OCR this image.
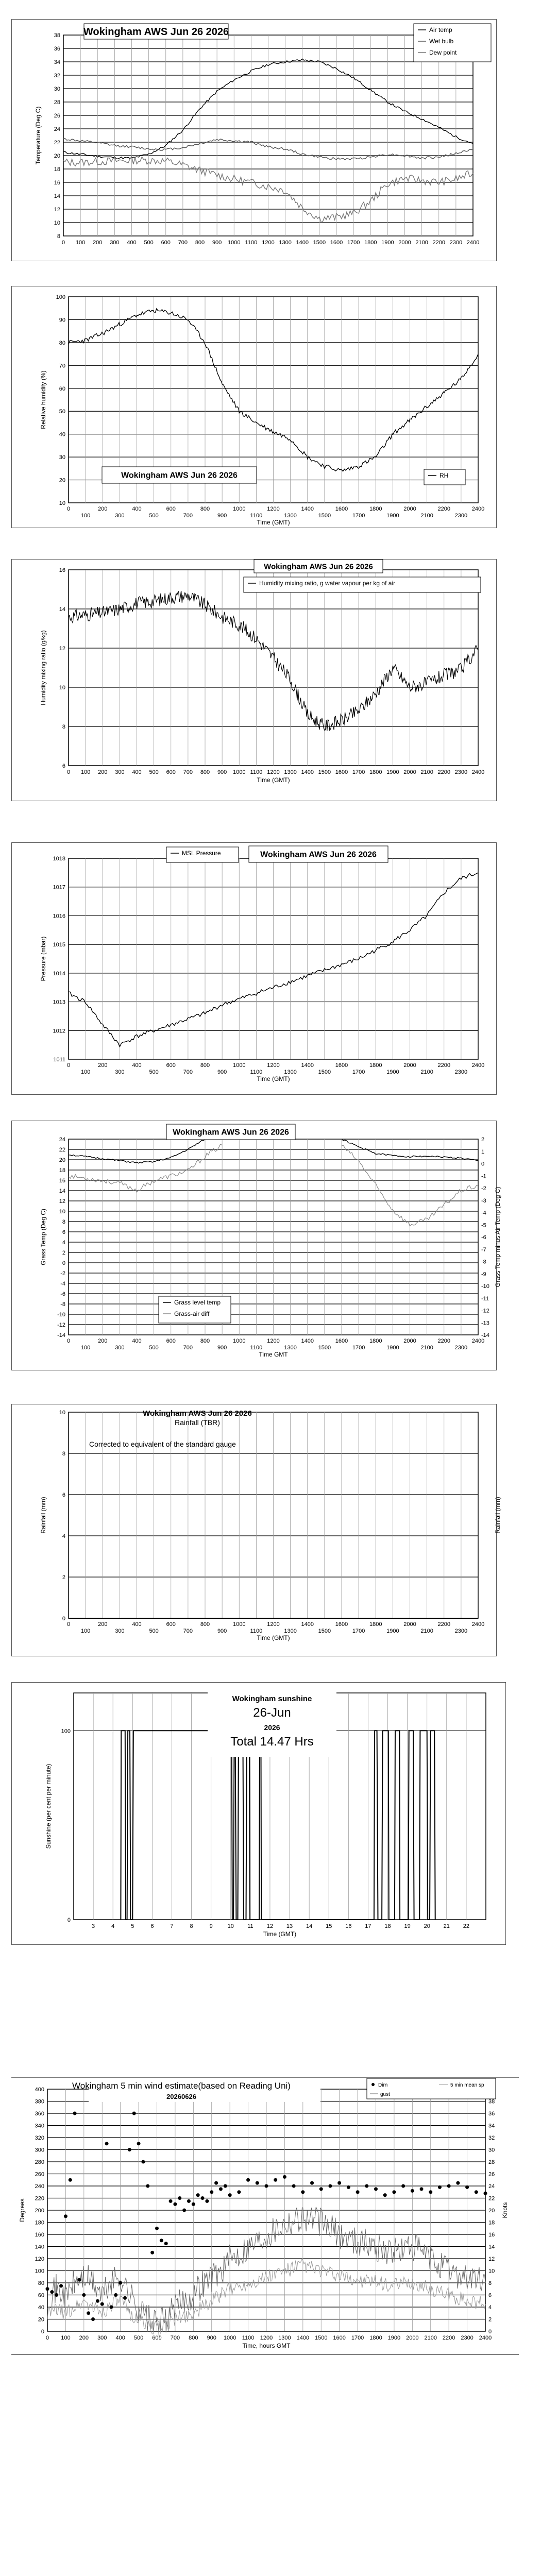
8
10
12
14
16
18
20
22
24
26
28
30
32
34
36
38
0 100 200 300 400 500 600 700 800 900 1000 1100 1200 1300 1400 1500 1600 1700 1800 1900 2000 2100 2200 2300 2400
Temperature (Deg C)
Wokingham AWS Jun 26 2026	Air temp
Wet bulb
Dew point
10
20
30
40
50
60
70
80
90
100
0	200	400	600	800	1000	1200	1400	1600	1800	2000	2200	2400
100	300	500	700	900	1100	1300	1500	1700	1900	2100	2300
Time (GMT)
Relative humidity (%)
Wokingham AWS Jun 26 2026	RH
6
8
10
12
14
16
0 100 200 300 400 500 600 700 800 900 1000 1100 1200 1300 1400 1500 1600 1700 1800 1900 2000 2100 2200 2300 2400
Time (GMT)
Humidity mixing ratio (g/kg)
Wokingham AWS Jun 26 2026
Humidity mixing ratio, g water vapour per kg of air
1011
1012
1013
1014
1015
1016
1017
1018
0	200	400	600	800	1000	1200	1400	1600	1800	2000	2200	2400
100	300	500	700	900	1100	1300	1500	1700	1900	2100	2300
Time (GMT)
Pressure (mbar)
Wokingham AWS Jun 26 2026
MSL Pressure
-14
-12
-10
-8
-6
-4
-2
0
2
4
6
8
10
12
14
16
18
20
22
24
-14
-13
-12
-11
-10
-9
-8
-7
-6
-5
-4
-3
-2
-1
0
1
2
0	200	400	600	800	1000	1200	1400	1600	1800	2000	2200	2400
100	300	500	700	900	1100	1300	1500	1700	1900	2100	2300
Time GMT
Grass Temp (Deg C)	Grass Temp minus Air Temp (Deg C)
Wokingham AWS Jun 26 2026
Grass level temp
Grass-air diff
0
2
4
6
8
10
0	200	400	600	800	1000	1200	1400	1600	1800	2000	2200	2400
100	300	500	700	900	1100	1300	1500	1700	1900	2100	2300
Time (GMT)
Rainfall (mm)	Rainfall (mm)
Wokingham AWS Jun 26 2026
Rainfall (TBR)
Corrected to equivalent of the standard gauge
0
100
3	4	5	6	7	8	9	10 11 12 13 14 15 16 17 18 19 20 21 22
Time (GMT)
Sunshine (per cent per minute)
Wokingham sunshine
26-Jun
2026
Total 14.47 Hrs
0
20
40
60
80
100
120
140
160
180
200
220
240
260
280
300
320
340
360
380
400
0
2
4
6
8
10
12
14
16
18
20
22
24
26
28
30
32
34
36
38
0 100 200 300 400 500 600 700 800 900 1000 1100 1200 1300 1400 1500 1600 1700 1800 1900 2000 2100 2200 2300 2400
Time, hours GMT
Degrees	Knots
Wokingham 5 min wind estimate(based on Reading Uni)
20260626
Dirn	5 min mean sp
gust
